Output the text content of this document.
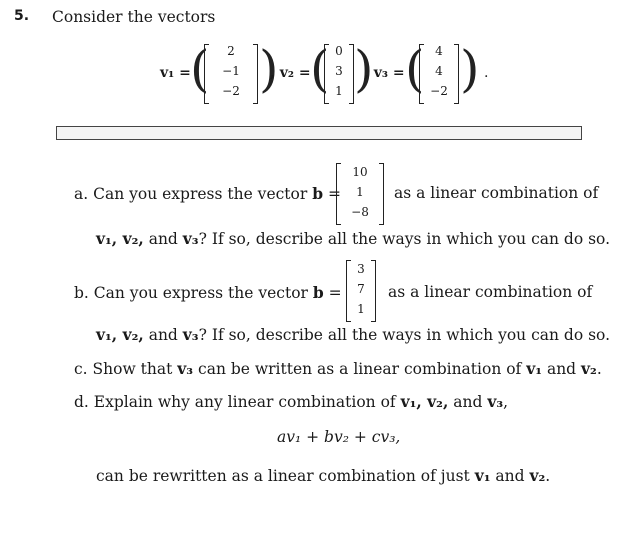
5. Consider the vectors
v₁ = (	2
−1
−2 )
, v₂ = ( 0
3
1 )
, v₃ = ( 4
4
−2 ) .
a. Can you express the vector b =
10
1
−8
as a linear combination of
v₁, v₂, and v₃? If so, describe all the ways in which you can do so.
b. Can you express the vector b =
3
7
1
as a linear combination of
v₁, v₂, and v₃? If so, describe all the ways in which you can do so.
c. Show that v₃ can be written as a linear combination of v₁ and v₂.
d. Explain why any linear combination of v₁, v₂, and v₃,
av₁ + bv₂ + cv₃,
can be rewritten as a linear combination of just v₁ and v₂.
